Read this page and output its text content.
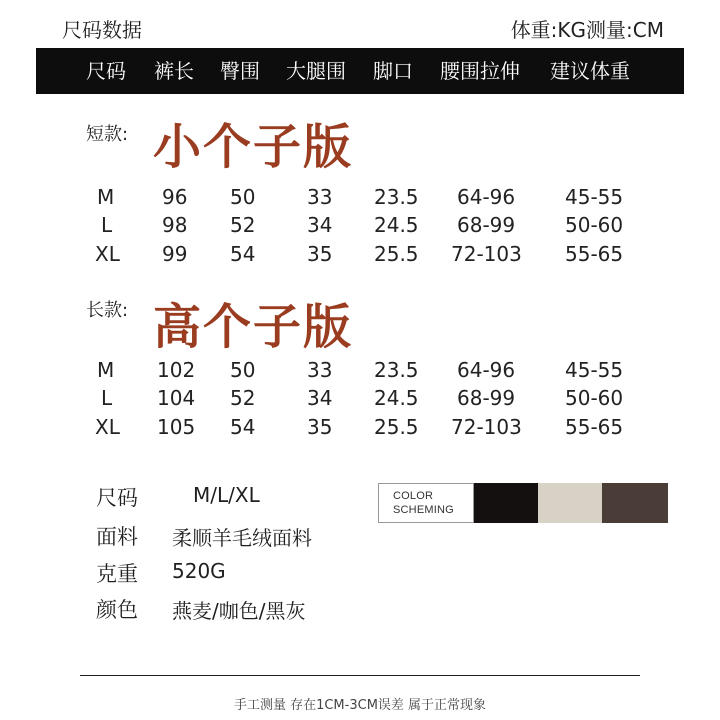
尺码数据	体重:KG测量:CM
尺码 裤长 臀围 大腿围 脚口 腰围拉伸 建议体重
短款: 小个子版
M 96 50	33 23.5 64-96 45-55
L 98 52	34 24.5 68-99 50-60
XL 99 54	35 25.5 72-103 55-65
长款: 高个子版
M 102 50	33 23.5 64-96 45-55
L 104 52	34 24.5 68-99 50-60
XL 105 54	35 25.5 72-103 55-65
尺码	M/L/XL
面料 柔顺羊毛绒面料
克重 520G
颜色 燕麦/咖色/黑灰
COLOR
SCHEMING
手工测量 存在1CM-3CM误差 属于正常现象
